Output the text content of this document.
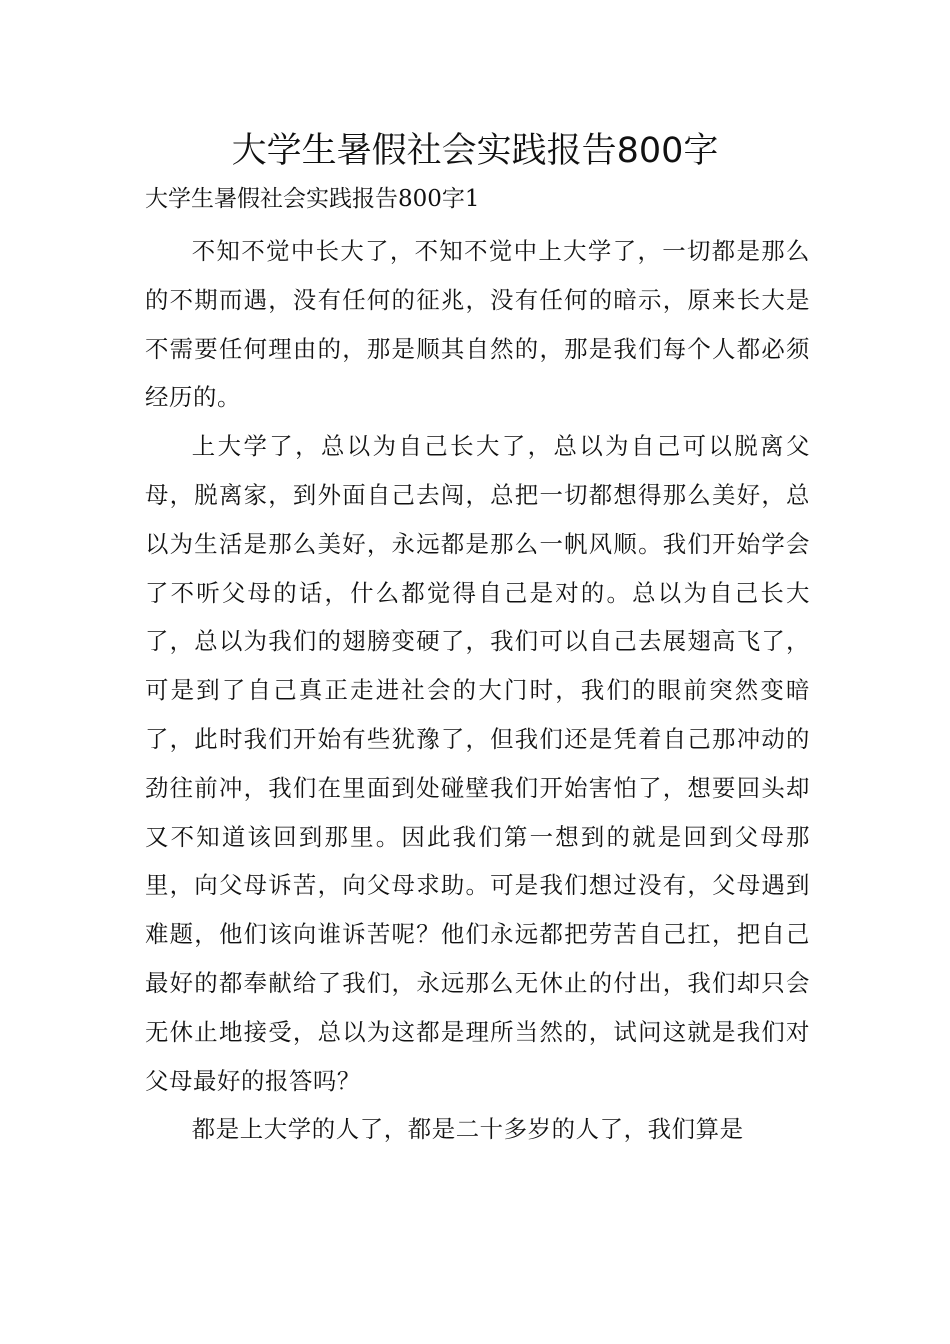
大学生暑假社会实践报告800字
大学生暑假社会实践报告800字1

不知不觉中长大了，不知不觉中上大学了，一切都是那么的不期而遇，没有任何的征兆，没有任何的暗示，原来长大是不需要任何理由的，那是顺其自然的，那是我们每个人都必须经历的。

上大学了，总以为自己长大了，总以为自己可以脱离父母，脱离家，到外面自己去闯，总把一切都想得那么美好，总以为生活是那么美好，永远都是那么一帆风顺。我们开始学会了不听父母的话，什么都觉得自己是对的。总以为自己长大了，总以为我们的翅膀变硬了，我们可以自己去展翅高飞了，可是到了自己真正走进社会的大门时，我们的眼前突然变暗了，此时我们开始有些犹豫了，但我们还是凭着自己那冲动的劲往前冲，我们在里面到处碰壁我们开始害怕了，想要回头却又不知道该回到那里。因此我们第一想到的就是回到父母那里，向父母诉苦，向父母求助。可是我们想过没有，父母遇到难题，他们该向谁诉苦呢？他们永远都把劳苦自己扛，把自己最好的都奉献给了我们，永远那么无休止的付出，我们却只会无休止地接受，总以为这都是理所当然的，试问这就是我们对父母最好的报答吗？

都是上大学的人了，都是二十多岁的人了，我们算是
